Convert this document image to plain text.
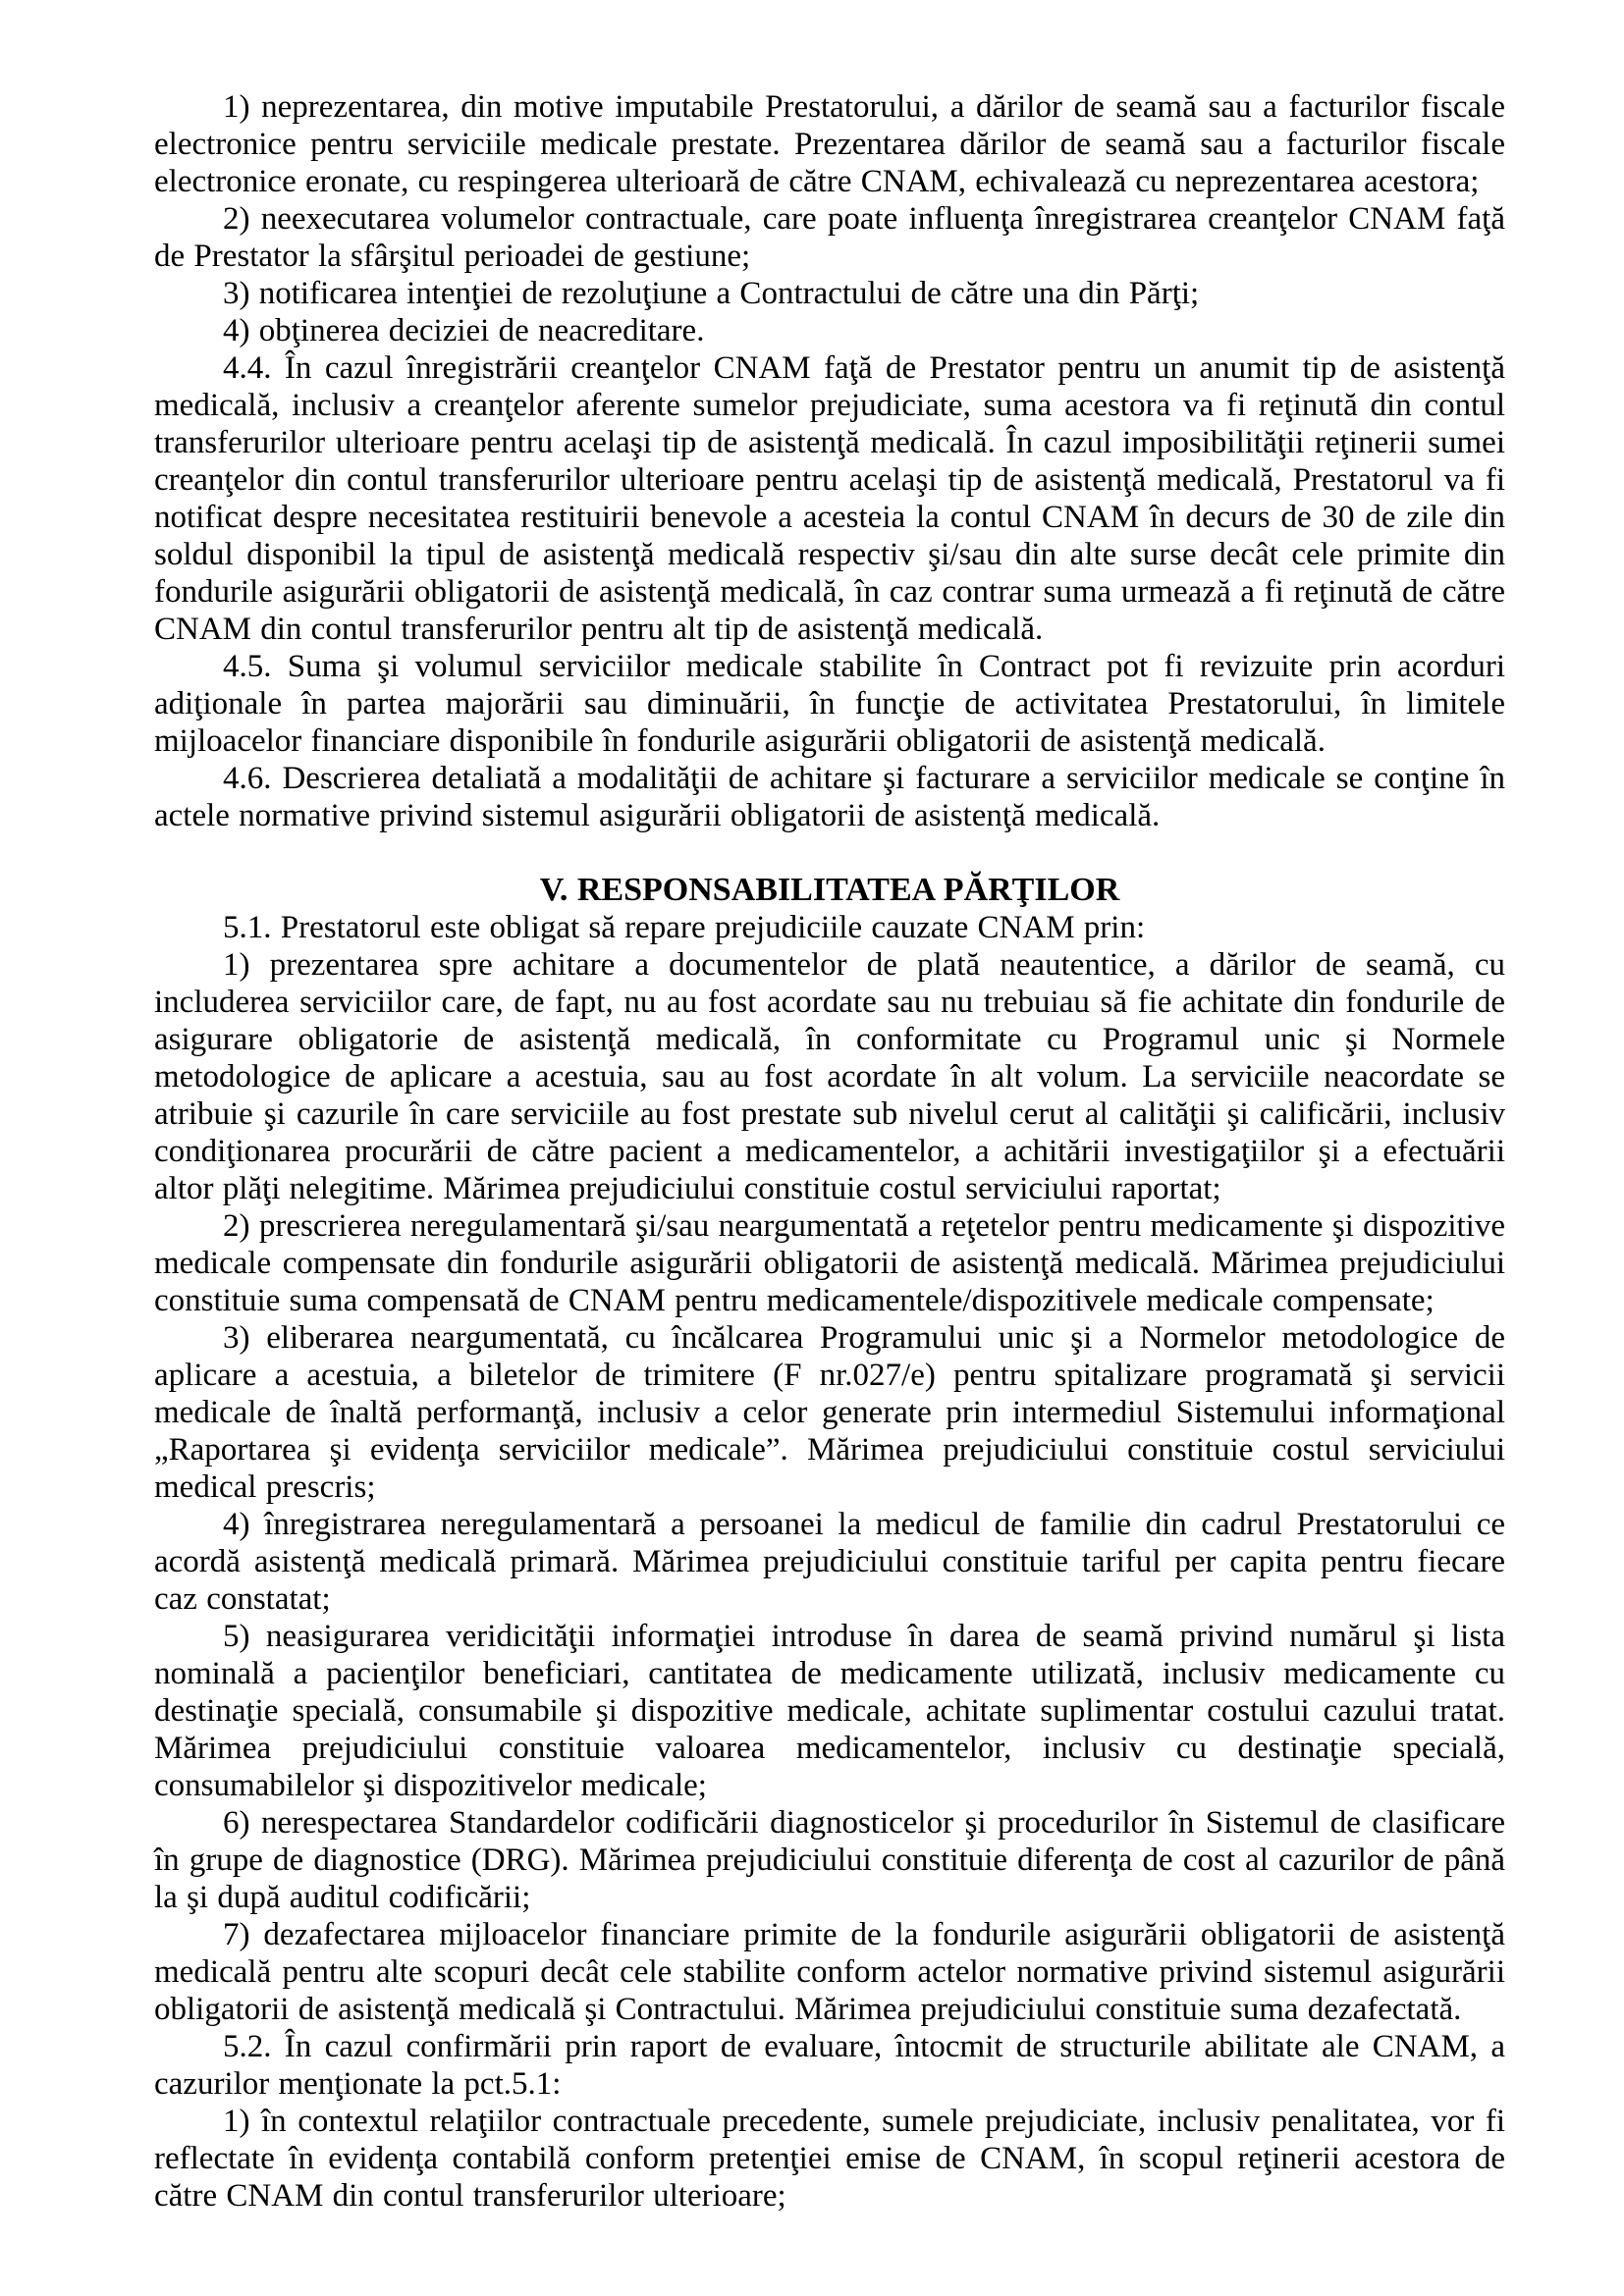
1) neprezentarea, din motive imputabile Prestatorului, a dărilor de seamă sau a facturilor fiscale electronice pentru serviciile medicale prestate. Prezentarea dărilor de seamă sau a facturilor fiscale electronice eronate, cu respingerea ulterioară de către CNAM, echivalează cu neprezentarea acestora;

2) neexecutarea volumelor contractuale, care poate influenţa înregistrarea creanţelor CNAM faţă de Prestator la sfârşitul perioadei de gestiune;

3) notificarea intenţiei de rezoluţiune a Contractului de către una din Părţi;

4) obţinerea deciziei de neacreditare.

4.4. În cazul înregistrării creanţelor CNAM faţă de Prestator pentru un anumit tip de asistenţă medicală, inclusiv a creanţelor aferente sumelor prejudiciate, suma acestora va fi reţinută din contul transferurilor ulterioare pentru acelaşi tip de asistenţă medicală. În cazul imposibilităţii reţinerii sumei creanţelor din contul transferurilor ulterioare pentru acelaşi tip de asistenţă medicală, Prestatorul va fi notificat despre necesitatea restituirii benevole a acesteia la contul CNAM în decurs de 30 de zile din soldul disponibil la tipul de asistenţă medicală respectiv şi/sau din alte surse decât cele primite din fondurile asigurării obligatorii de asistenţă medicală, în caz contrar suma urmează a fi reţinută de către CNAM din contul transferurilor pentru alt tip de asistenţă medicală.

4.5. Suma şi volumul serviciilor medicale stabilite în Contract pot fi revizuite prin acorduri adiţionale în partea majorării sau diminuării, în funcţie de activitatea Prestatorului, în limitele mijloacelor financiare disponibile în fondurile asigurării obligatorii de asistenţă medicală.

4.6. Descrierea detaliată a modalităţii de achitare şi facturare a serviciilor medicale se conţine în actele normative privind sistemul asigurării obligatorii de asistenţă medicală.

V. RESPONSABILITATEA PĂRŢILOR

5.1. Prestatorul este obligat să repare prejudiciile cauzate CNAM prin:

1) prezentarea spre achitare a documentelor de plată neautentice, a dărilor de seamă, cu includerea serviciilor care, de fapt, nu au fost acordate sau nu trebuiau să fie achitate din fondurile de asigurare obligatorie de asistenţă medicală, în conformitate cu Programul unic şi Normele metodologice de aplicare a acestuia, sau au fost acordate în alt volum. La serviciile neacordate se atribuie şi cazurile în care serviciile au fost prestate sub nivelul cerut al calităţii şi calificării, inclusiv condiţionarea procurării de către pacient a medicamentelor, a achitării investigaţiilor şi a efectuării altor plăţi nelegitime. Mărimea prejudiciului constituie costul serviciului raportat;

2) prescrierea neregulamentară şi/sau neargumentată a reţetelor pentru medicamente şi dispozitive medicale compensate din fondurile asigurării obligatorii de asistenţă medicală. Mărimea prejudiciului constituie suma compensată de CNAM pentru medicamentele/dispozitivele medicale compensate;

3) eliberarea neargumentată, cu încălcarea Programului unic şi a Normelor metodologice de aplicare a acestuia, a biletelor de trimitere (F nr.027/e) pentru spitalizare programată şi servicii medicale de înaltă performanţă, inclusiv a celor generate prin intermediul Sistemului informaţional „Raportarea şi evidenţa serviciilor medicale”. Mărimea prejudiciului constituie costul serviciului medical prescris;

4) înregistrarea neregulamentară a persoanei la medicul de familie din cadrul Prestatorului ce acordă asistenţă medicală primară. Mărimea prejudiciului constituie tariful per capita pentru fiecare caz constatat;

5) neasigurarea veridicităţii informaţiei introduse în darea de seamă privind numărul şi lista nominală a pacienţilor beneficiari, cantitatea de medicamente utilizată, inclusiv medicamente cu destinaţie specială, consumabile şi dispozitive medicale, achitate suplimentar costului cazului tratat. Mărimea prejudiciului constituie valoarea medicamentelor, inclusiv cu destinaţie specială, consumabilelor şi dispozitivelor medicale;

6) nerespectarea Standardelor codificării diagnosticelor şi procedurilor în Sistemul de clasificare în grupe de diagnostice (DRG). Mărimea prejudiciului constituie diferenţa de cost al cazurilor de până la şi după auditul codificării;

7) dezafectarea mijloacelor financiare primite de la fondurile asigurării obligatorii de asistenţă medicală pentru alte scopuri decât cele stabilite conform actelor normative privind sistemul asigurării obligatorii de asistenţă medicală şi Contractului. Mărimea prejudiciului constituie suma dezafectată.

5.2. În cazul confirmării prin raport de evaluare, întocmit de structurile abilitate ale CNAM, a cazurilor menţionate la pct.5.1:

1) în contextul relaţiilor contractuale precedente, sumele prejudiciate, inclusiv penalitatea, vor fi reflectate în evidenţa contabilă conform pretenţiei emise de CNAM, în scopul reţinerii acestora de către CNAM din contul transferurilor ulterioare;
